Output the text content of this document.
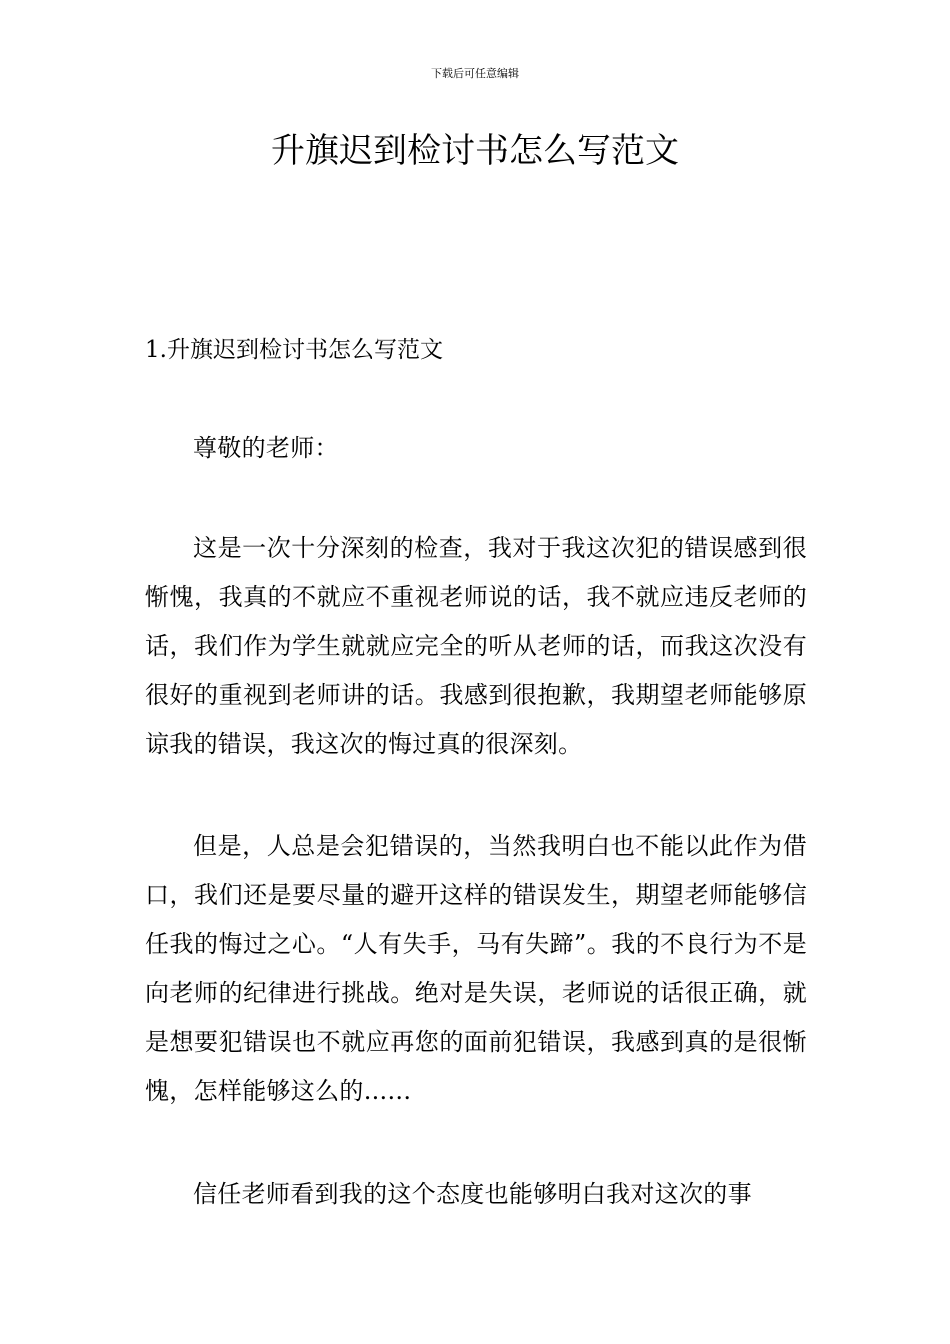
下载后可任意编辑
升旗迟到检讨书怎么写范文
1.升旗迟到检讨书怎么写范文

尊敬的老师：

这是一次十分深刻的检查，我对于我这次犯的错误感到很惭愧，我真的不就应不重视老师说的话，我不就应违反老师的话，我们作为学生就就应完全的听从老师的话，而我这次没有很好的重视到老师讲的话。我感到很抱歉，我期望老师能够原谅我的错误，我这次的悔过真的很深刻。

但是，人总是会犯错误的，当然我明白也不能以此作为借口，我们还是要尽量的避开这样的错误发生，期望老师能够信任我的悔过之心。“人有失手，马有失蹄”。我的不良行为不是向老师的纪律进行挑战。绝对是失误，老师说的话很正确，就是想要犯错误也不就应再您的面前犯错误，我感到真的是很惭愧，怎样能够这么的......

信任老师看到我的这个态度也能够明白我对这次的事
